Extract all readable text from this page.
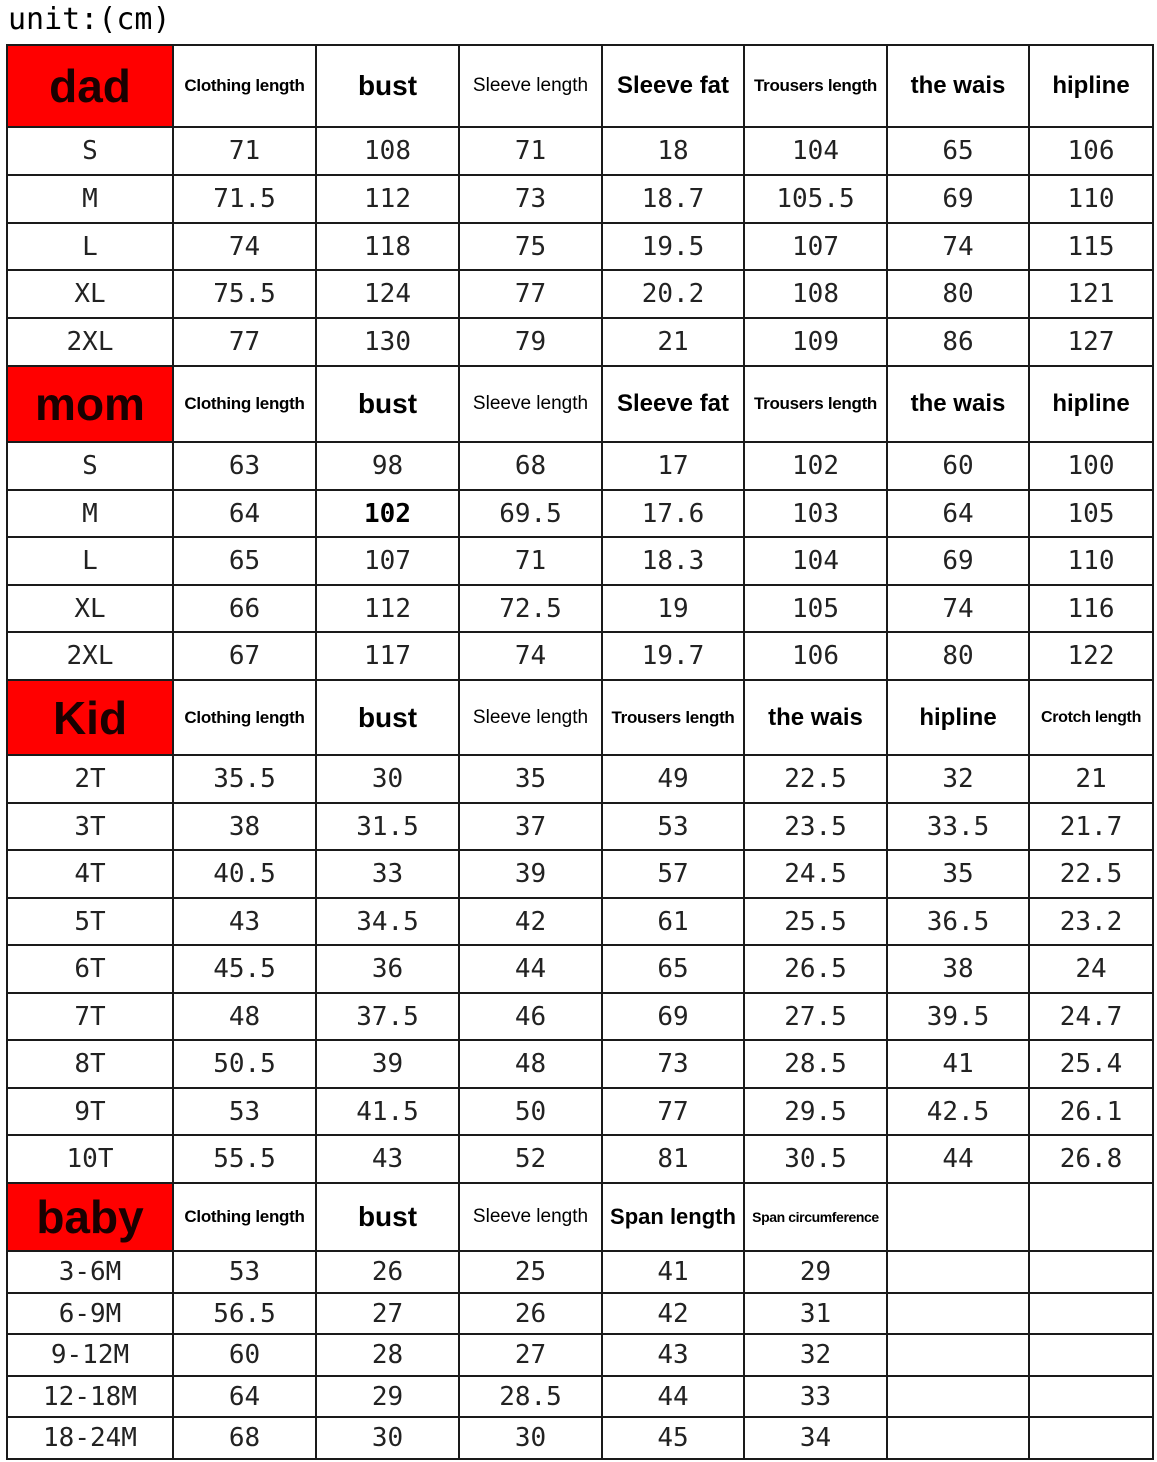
unit:(cm)
dad	Clothing length	bust	Sleeve length	Sleeve fat	Trousers length	the wais	hipline
S	71	108	71	18	104	65	106
M	71.5	112	73	18.7	105.5	69	110
L	74	118	75	19.5	107	74	115
XL	75.5	124	77	20.2	108	80	121
2XL	77	130	79	21	109	86	127
mom	Clothing length	bust	Sleeve length	Sleeve fat	Trousers length	the wais	hipline
S	63	98	68	17	102	60	100
M	64	102	69.5	17.6	103	64	105
L	65	107	71	18.3	104	69	110
XL	66	112	72.5	19	105	74	116
2XL	67	117	74	19.7	106	80	122
Kid	Clothing length	bust	Sleeve length	Trousers length	the wais	hipline	Crotch length
2T	35.5	30	35	49	22.5	32	21
3T	38	31.5	37	53	23.5	33.5	21.7
4T	40.5	33	39	57	24.5	35	22.5
5T	43	34.5	42	61	25.5	36.5	23.2
6T	45.5	36	44	65	26.5	38	24
7T	48	37.5	46	69	27.5	39.5	24.7
8T	50.5	39	48	73	28.5	41	25.4
9T	53	41.5	50	77	29.5	42.5	26.1
10T	55.5	43	52	81	30.5	44	26.8
baby	Clothing length	bust	Sleeve length	Span length	Span circumference		
3-6M	53	26	25	41	29		
6-9M	56.5	27	26	42	31		
9-12M	60	28	27	43	32		
12-18M	64	29	28.5	44	33		
18-24M	68	30	30	45	34		
